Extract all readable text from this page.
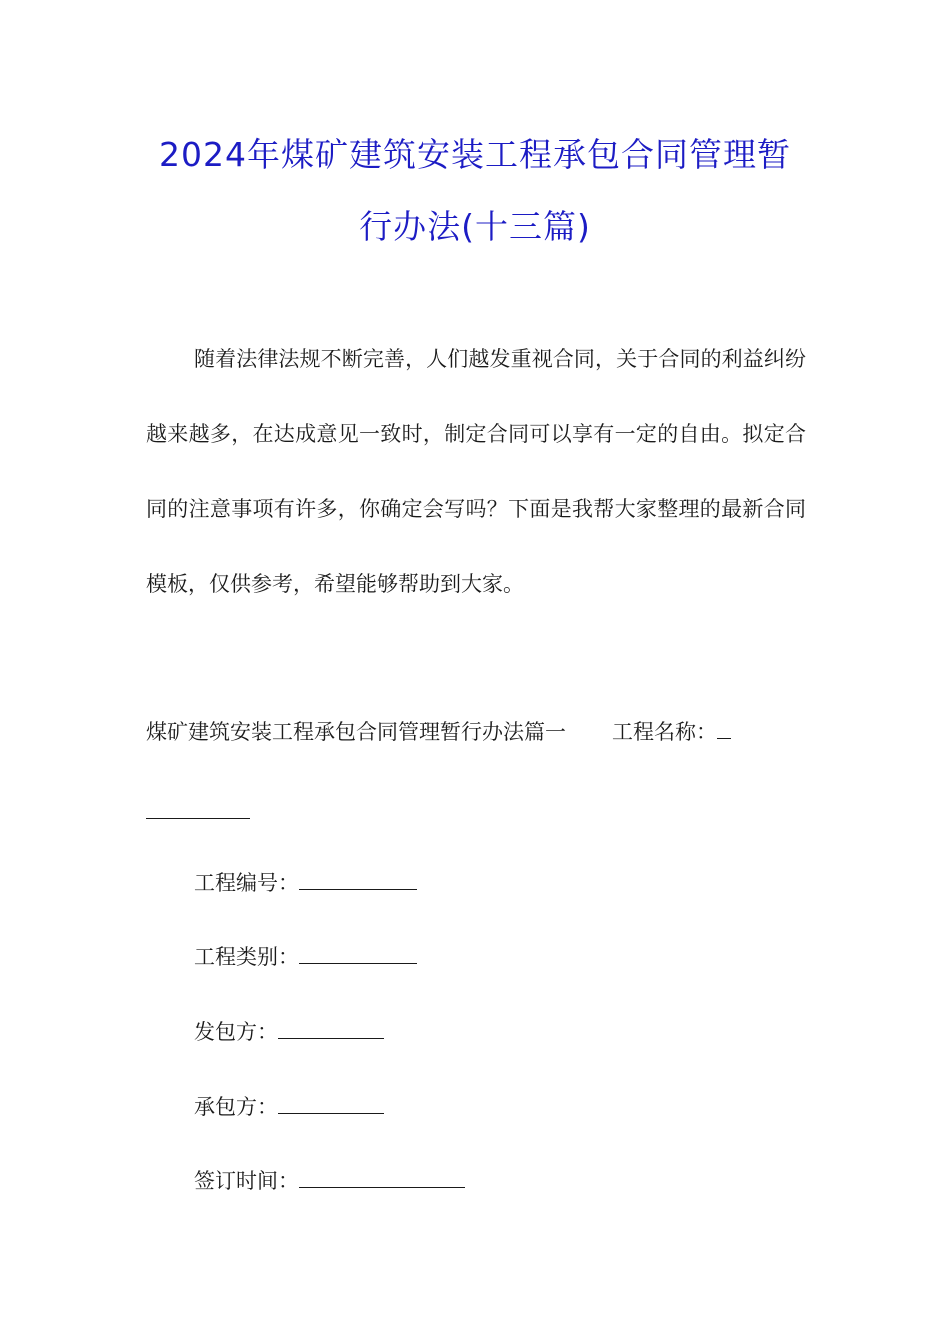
2024年煤矿建筑安装工程承包合同管理暂
行办法(十三篇)
随着法律法规不断完善，人们越发重视合同，关于合同的利益纠纷越来越多，在达成意见一致时，制定合同可以享有一定的自由。拟定合同的注意事项有许多，你确定会写吗？下面是我帮大家整理的最新合同模板，仅供参考，希望能够帮助到大家。
煤矿建筑安装工程承包合同管理暂行办法篇一 工程名称：
工程编号：
工程类别：
发包方：
承包方：
签订时间：
